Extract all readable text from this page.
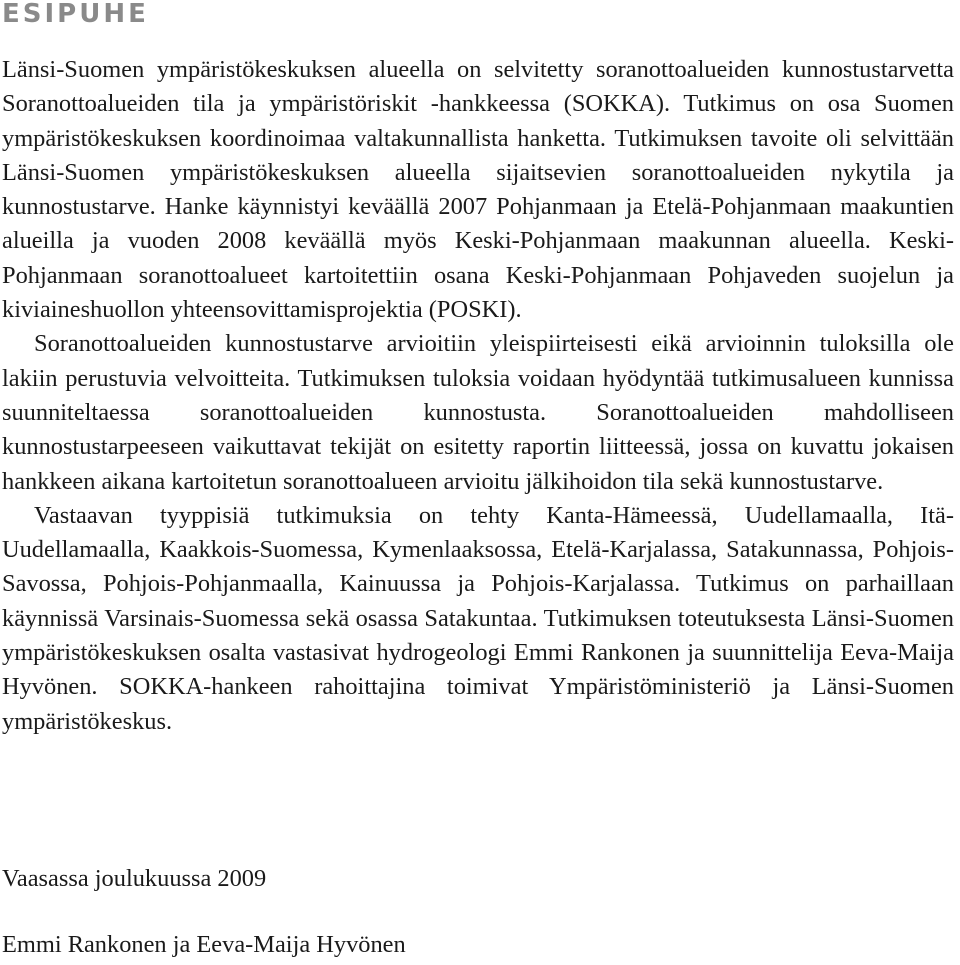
ESIPUHE

Länsi-Suomen ympäristökeskuksen alueella on selvitetty soranottoalueiden kunnostustarvetta Soranottoalueiden tila ja ympäristöriskit -hankkeessa (SOKKA). Tutkimus on osa Suomen ympäristökeskuksen koordinoimaa valtakunnallista hanketta. Tutkimuksen tavoite oli selvittään Länsi-Suomen ympäristökeskuksen alueella sijaitsevien soranottoalueiden nykytila ja kunnostustarve. Hanke käynnistyi keväällä 2007 Pohjanmaan ja Etelä-Pohjanmaan maakuntien alueilla ja vuoden 2008 keväällä myös Keski-Pohjanmaan maakunnan alueella. Keski-Pohjanmaan soranottoalueet kartoitettiin osana Keski-Pohjanmaan Pohjaveden suojelun ja kiviaineshuollon yhteensovittamisprojektia (POSKI).

Soranottoalueiden kunnostustarve arvioitiin yleispiirteisesti eikä arvioinnin tuloksilla ole lakiin perustuvia velvoitteita. Tutkimuksen tuloksia voidaan hyödyntää tutkimusalueen kunnissa suunniteltaessa soranottoalueiden kunnostusta. Soranottoalueiden mahdolliseen kunnostustarpeeseen vaikuttavat tekijät on esitetty raportin liitteessä, jossa on kuvattu jokaisen hankkeen aikana kartoitetun soranottoalueen arvioitu jälkihoidon tila sekä kunnostustarve.

Vastaavan tyyppisiä tutkimuksia on tehty Kanta-Hämeessä, Uudellamaalla, Itä-Uudellamaalla, Kaakkois-Suomessa, Kymenlaaksossa, Etelä-Karjalassa, Satakunnassa, Pohjois-Savossa, Pohjois-Pohjanmaalla, Kainuussa ja Pohjois-Karjalassa. Tutkimus on parhaillaan käynnissä Varsinais-Suomessa sekä osassa Satakuntaa. Tutkimuksen toteutuksesta Länsi-Suomen ympäristökeskuksen osalta vastasivat hydrogeologi Emmi Rankonen ja suunnittelija Eeva-Maija Hyvönen. SOKKA-hankeen rahoittajina toimivat Ympäristöministeriö ja Länsi-Suomen ympäristökeskus.

Vaasassa joulukuussa 2009
Emmi Rankonen ja Eeva-Maija Hyvönen
